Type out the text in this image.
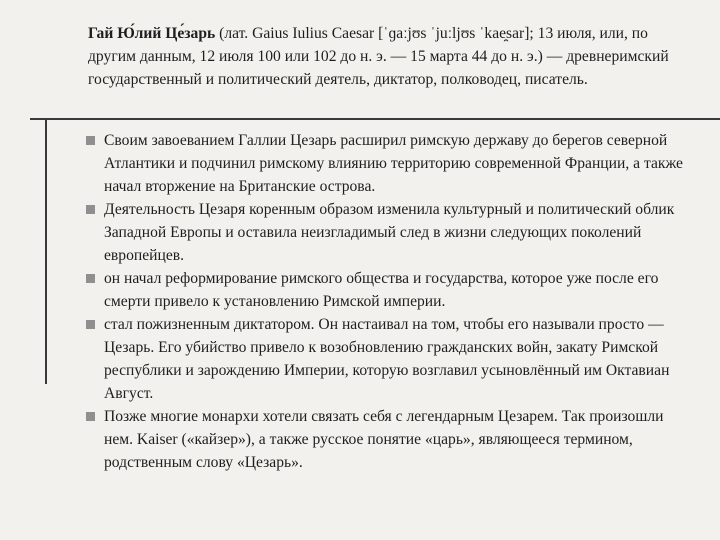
Гай Ю́лий Це́зарь (лат. Gaius Iulius Caesar [ˈɡaːjʊs ˈjuːljʊs ˈkae̯sar]; 13 июля, или, по другим данным, 12 июля 100 или 102 до н. э. — 15 марта 44 до н. э.) — древнеримский государственный и политический деятель, диктатор, полководец, писатель.
Своим завоеванием Галлии Цезарь расширил римскую державу до берегов северной Атлантики и подчинил римскому влиянию территорию современной Франции, а также начал вторжение на Британские острова.
Деятельность Цезаря коренным образом изменила культурный и политический облик Западной Европы и оставила неизгладимый след в жизни следующих поколений европейцев.
он начал реформирование римского общества и государства, которое уже после его смерти привело к установлению Римской империи.
стал пожизненным диктатором. Он настаивал на том, чтобы его называли просто — Цезарь. Его убийство привело к возобновлению гражданских войн, закату Римской республики и зарождению Империи, которую возглавил усыновлённый им Октавиан Август.
Позже многие монархи хотели связать себя с легендарным Цезарем. Так произошли нем. Kaiser («кайзер»), а также русское понятие «царь», являющееся термином, родственным слову «Цезарь».
